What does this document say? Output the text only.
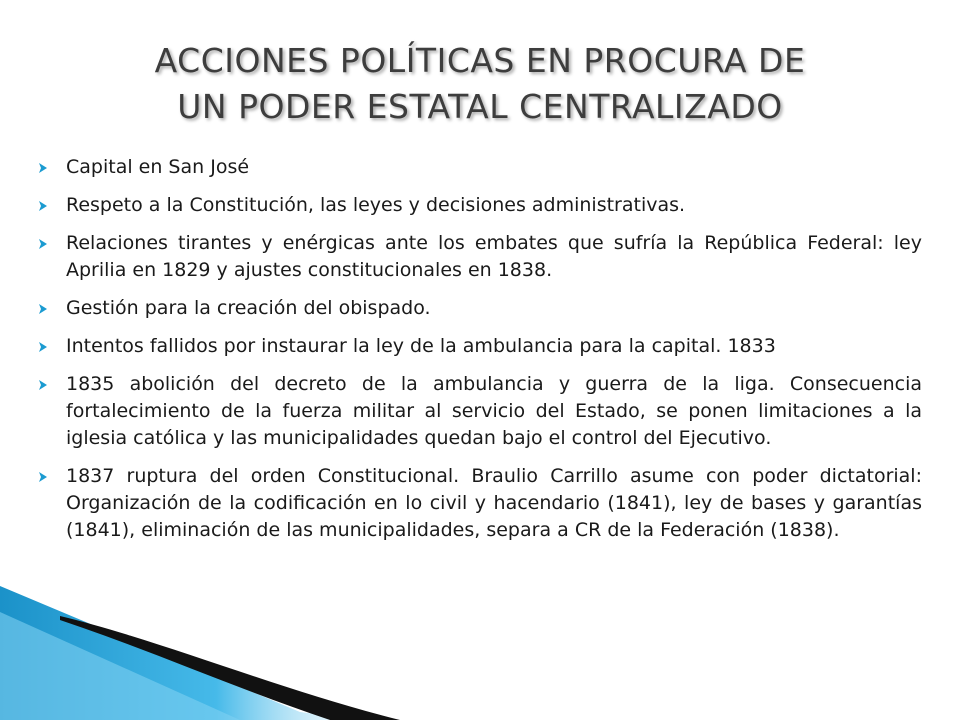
ACCIONES POLÍTICAS EN PROCURA DE
UN PODER ESTATAL CENTRALIZADO
Capital en San José
Respeto a la Constitución, las leyes y decisiones administrativas.
Relaciones tirantes y enérgicas ante los embates que sufría la República Federal: ley Aprilia en 1829 y ajustes constitucionales en 1838.
Gestión para la creación del obispado.
Intentos fallidos por instaurar la ley de la ambulancia para la capital. 1833
1835 abolición del decreto de la ambulancia y guerra de la liga. Consecuencia fortalecimiento de la fuerza militar al servicio del Estado, se ponen limitaciones a la iglesia católica y las municipalidades quedan bajo el control del Ejecutivo.
1837 ruptura del orden Constitucional. Braulio Carrillo asume con poder dictatorial: Organización de la codificación en lo civil y hacendario (1841), ley de bases y garantías (1841), eliminación de las municipalidades, separa a CR de la Federación (1838).
